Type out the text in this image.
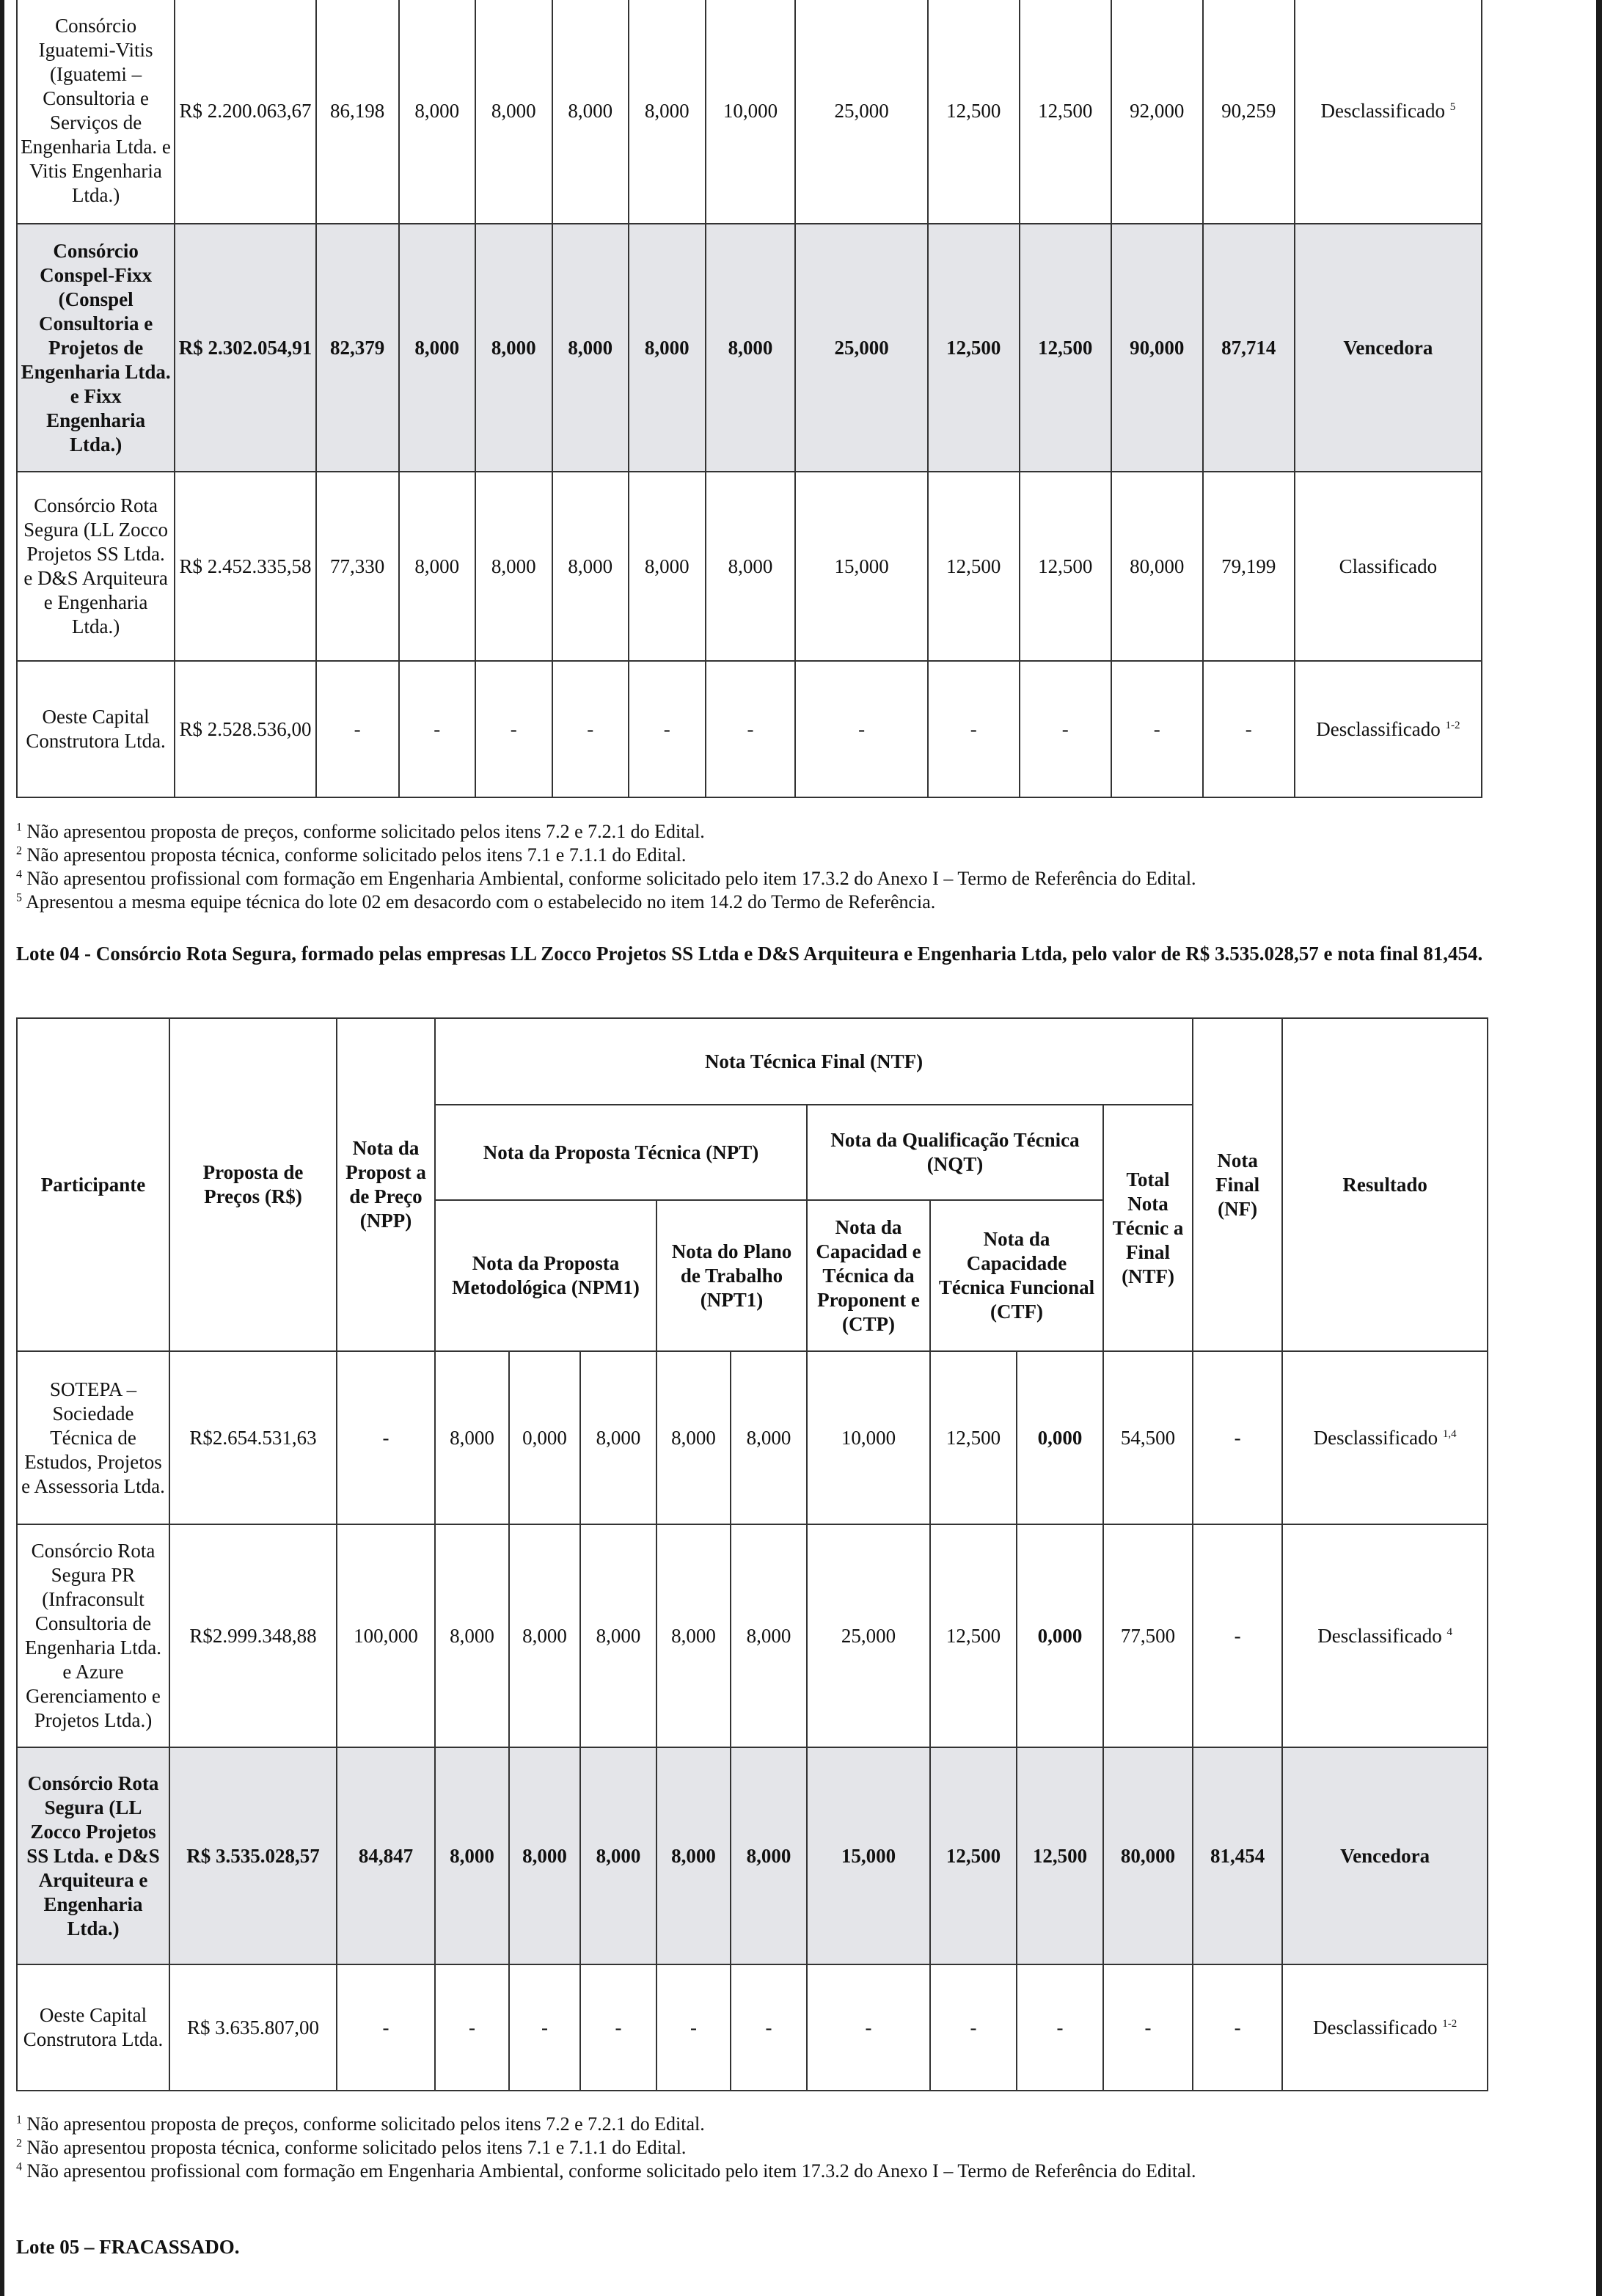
Consórcio Iguatemi-Vitis (Iguatemi – Consultoria e Serviços de Engenharia Ltda. e Vitis Engenharia Ltda.)	R$ 2.200.063,67	86,198	8,000	8,000	8,000	8,000	10,000	25,000	12,500	12,500	92,000	90,259	Desclassificado $^5$
Consórcio Conspel-Fixx (Conspel Consultoria e Projetos de Engenharia Ltda. e Fixx Engenharia Ltda.)	R$ 2.302.054,91	82,379	8,000	8,000	8,000	8,000	8,000	25,000	12,500	12,500	90,000	87,714	Vencedora
Consórcio Rota Segura (LL Zocco Projetos SS Ltda. e D&S Arquiteura e Engenharia Ltda.)	R$ 2.452.335,58	77,330	8,000	8,000	8,000	8,000	8,000	15,000	12,500	12,500	80,000	79,199	Classificado
Oeste Capital Construtora Ltda.	R$ 2.528.536,00	-	-	-	-	-	-	-	-	-	-	-	Desclassificado $^{1-2}$
$^1$ Não apresentou proposta de preços, conforme solicitado pelos itens 7.2 e 7.2.1 do Edital.
$^2$ Não apresentou proposta técnica, conforme solicitado pelos itens 7.1 e 7.1.1 do Edital.
$^4$ Não apresentou profissional com formação em Engenharia Ambiental, conforme solicitado pelo item 17.3.2 do Anexo I – Termo de Referência do Edital.
$^5$ Apresentou a mesma equipe técnica do lote 02 em desacordo com o estabelecido no item 14.2 do Termo de Referência.
Lote 04 - Consórcio Rota Segura, formado pelas empresas LL Zocco Projetos SS Ltda e D&S Arquiteura e Engenharia Ltda, pelo valor de R$ 3.535.028,57 e nota final 81,454.
Participante	Proposta de Preços (R$)	Nota da Propost a de Preço (NPP)	Nota Técnica Final (NTF)									Nota Final (NF)	Resultado
			Nota da Proposta Técnica (NPT)					Nota da Qualificação Técnica (NQT)			Total Nota Técnic a Final (NTF)		
			Nota da Proposta Metodológica (NPM1)			Nota do Plano de Trabalho (NPT1)		Nota da Capacidad e Técnica da Proponent e (CTP)	Nota da Capacidade Técnica Funcional (CTF)				
SOTEPA – Sociedade Técnica de Estudos, Projetos e Assessoria Ltda.	R$2.654.531,63	-	8,000	0,000	8,000	8,000	8,000	10,000	12,500	0,000	54,500	-	Desclassificado $^{1,4}$
Consórcio Rota Segura PR (Infraconsult Consultoria de Engenharia Ltda. e Azure Gerenciamento e Projetos Ltda.)	R$2.999.348,88	100,000	8,000	8,000	8,000	8,000	8,000	25,000	12,500	0,000	77,500	-	Desclassificado $^4$
Consórcio Rota Segura (LL Zocco Projetos SS Ltda. e D&S Arquiteura e Engenharia Ltda.)	R$ 3.535.028,57	84,847	8,000	8,000	8,000	8,000	8,000	15,000	12,500	12,500	80,000	81,454	Vencedora
Oeste Capital Construtora Ltda.	R$ 3.635.807,00	-	-	-	-	-	-	-	-	-	-	-	Desclassificado $^{1-2}$
$^1$ Não apresentou proposta de preços, conforme solicitado pelos itens 7.2 e 7.2.1 do Edital.
$^2$ Não apresentou proposta técnica, conforme solicitado pelos itens 7.1 e 7.1.1 do Edital.
$^4$ Não apresentou profissional com formação em Engenharia Ambiental, conforme solicitado pelo item 17.3.2 do Anexo I – Termo de Referência do Edital.
Lote 05 – FRACASSADO.
